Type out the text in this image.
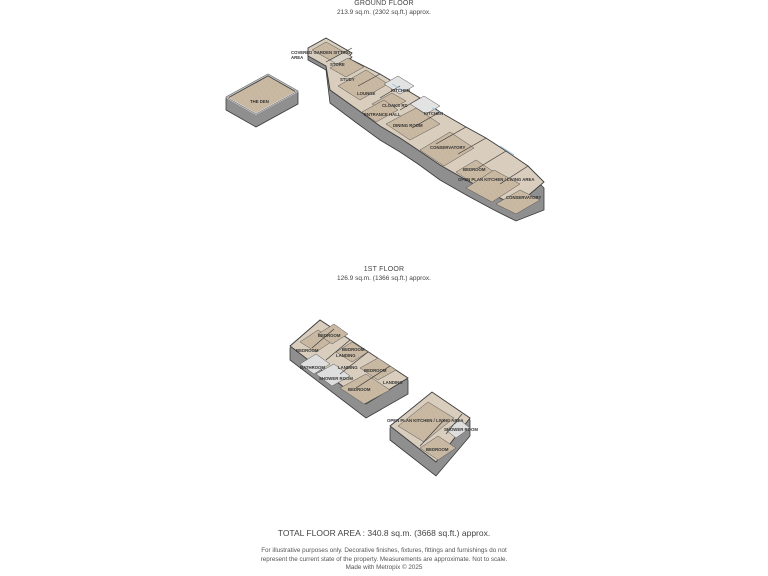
GROUND FLOOR
213.9 sq.m. (2302 sq.ft.) approx.
1ST FLOOR
126.9 sq.m. (1366 sq.ft.) approx.
COVERED GARDEN SITTING
AREA
STORE
STUDY
LOUNGE
KITCHEN
CLOAKS RD
ENTRANCE HALL	KITCHEN
DINING ROOM
CONSERVATORY
BEDROOM
OPEN PLAN KITCHEN / LIVING AREA
CONSERVATORY
THE DEN
BEDROOM
BEDROOM	BEDROOM
LANDING
LANDING
BATHROOM
SHOWER ROOM
BEDROOM
BEDROOM
LANDING
OPEN PLAN KITCHEN / LIVING AREA
SHOWER ROOM
BEDROOM
TOTAL FLOOR AREA : 340.8 sq.m. (3668 sq.ft.) approx.
For illustrative purposes only. Decorative finishes, fixtures, fittings and furnishings do not
represent the current state of the property. Measurements are approximate. Not to scale.
Made with Metropix © 2025
